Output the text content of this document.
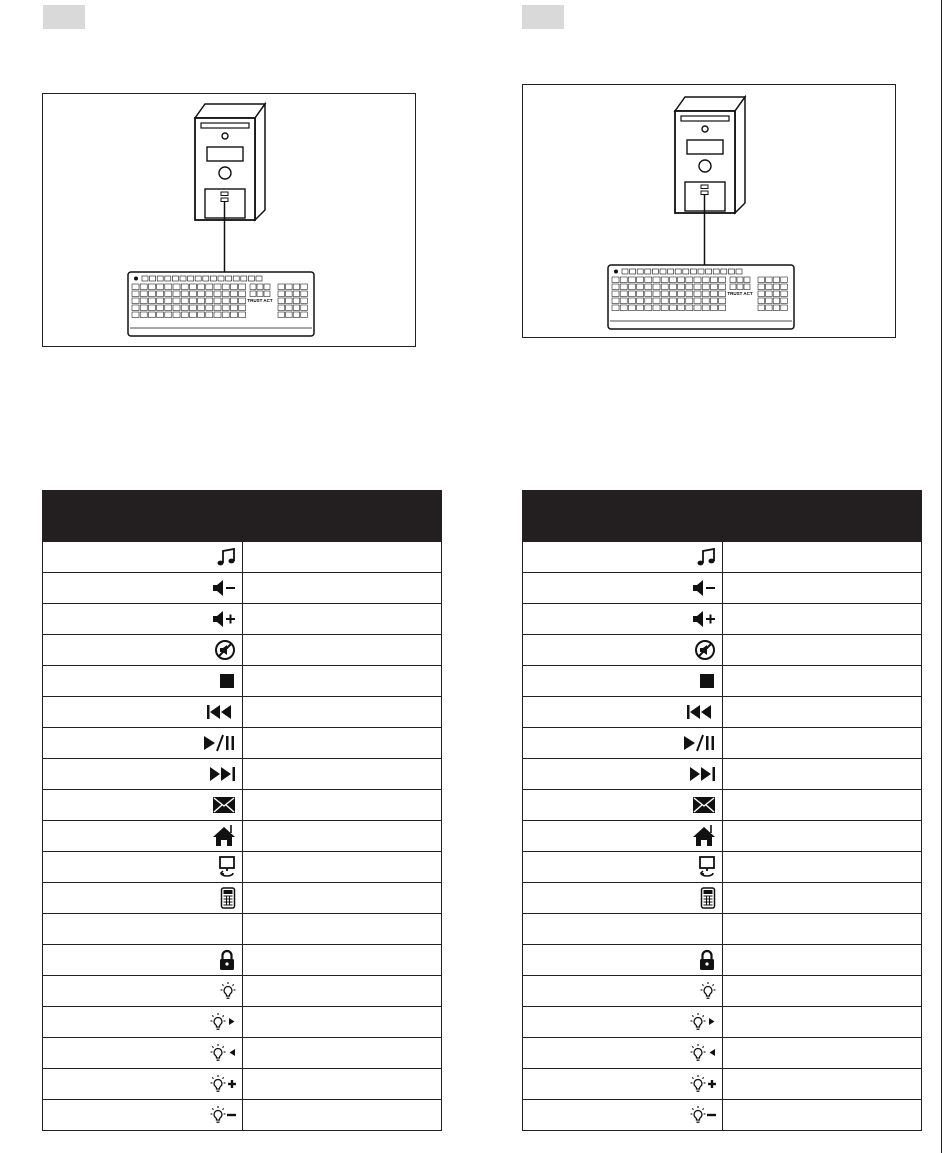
TRUST ACT
TRUST ACT
